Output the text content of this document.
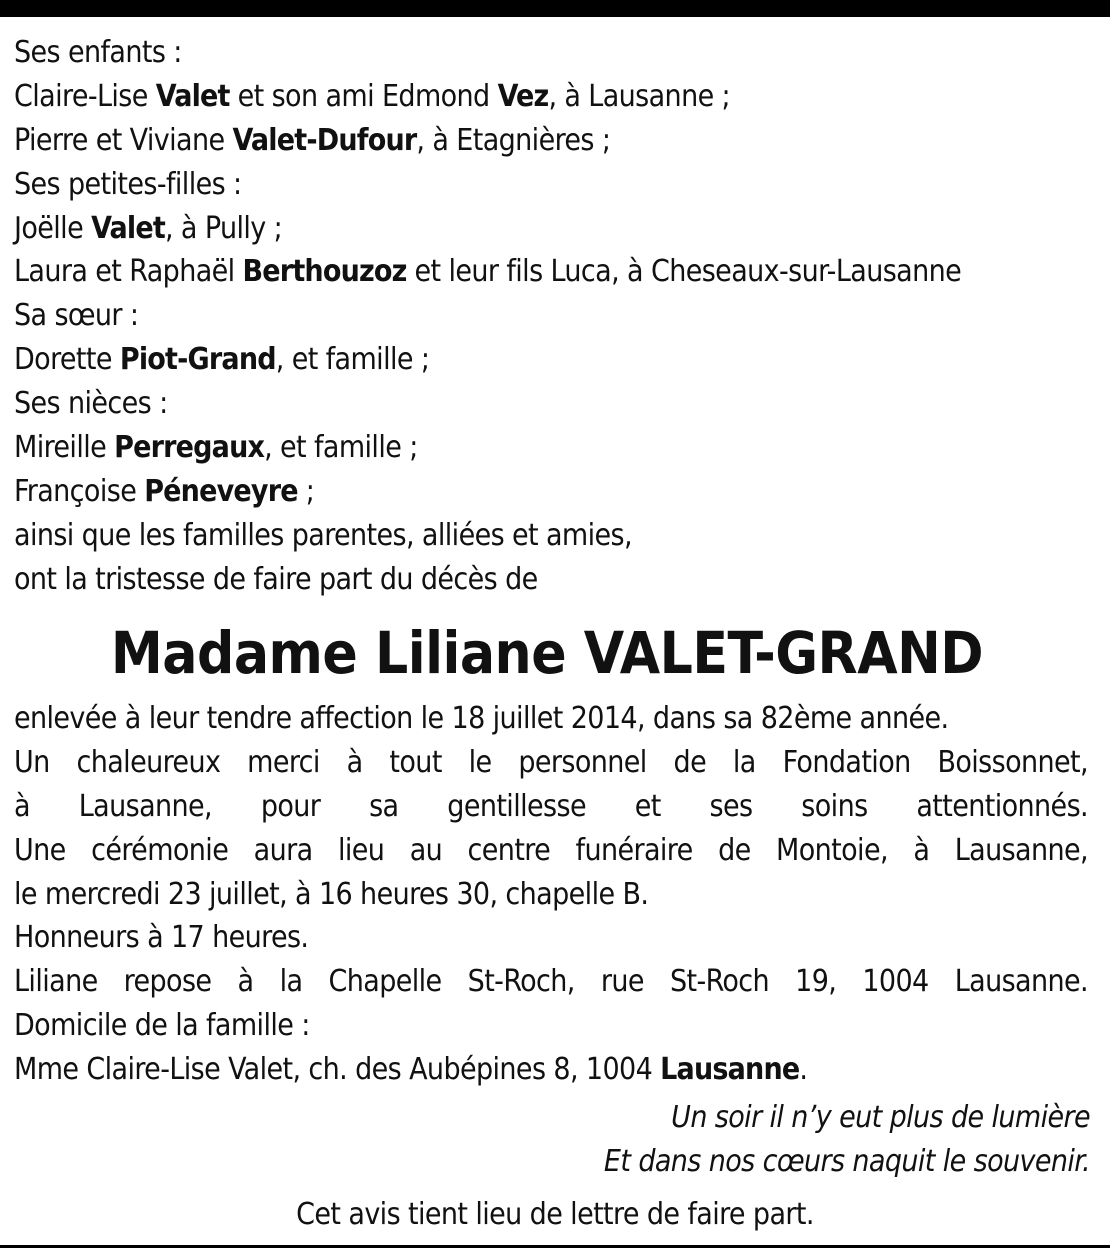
Ses enfants :
Claire-Lise Valet et son ami Edmond Vez, à Lausanne ;
Pierre et Viviane Valet-Dufour, à Etagnières ;
Ses petites-filles :
Joëlle Valet, à Pully ;
Laura et Raphaël Berthouzoz et leur fils Luca, à Cheseaux-sur-Lausanne
Sa sœur :
Dorette Piot-Grand, et famille ;
Ses nièces :
Mireille Perregaux, et famille ;
Françoise Péneveyre ;
ainsi que les familles parentes, alliées et amies,
ont la tristesse de faire part du décès de
Madame Liliane VALET-GRAND
enlevée à leur tendre affection le 18 juillet 2014, dans sa 82ème année.
Un chaleureux merci à tout le personnel de la Fondation Boissonnet,
à Lausanne, pour sa gentillesse et ses soins attentionnés.
Une cérémonie aura lieu au centre funéraire de Montoie, à Lausanne,
le mercredi 23 juillet, à 16 heures 30, chapelle B.
Honneurs à 17 heures.
Liliane repose à la Chapelle St-Roch, rue St-Roch 19, 1004 Lausanne.
Domicile de la famille :
Mme Claire-Lise Valet, ch. des Aubépines 8, 1004 Lausanne.
Un soir il n’y eut plus de lumière
Et dans nos cœurs naquit le souvenir.
Cet avis tient lieu de lettre de faire part.
